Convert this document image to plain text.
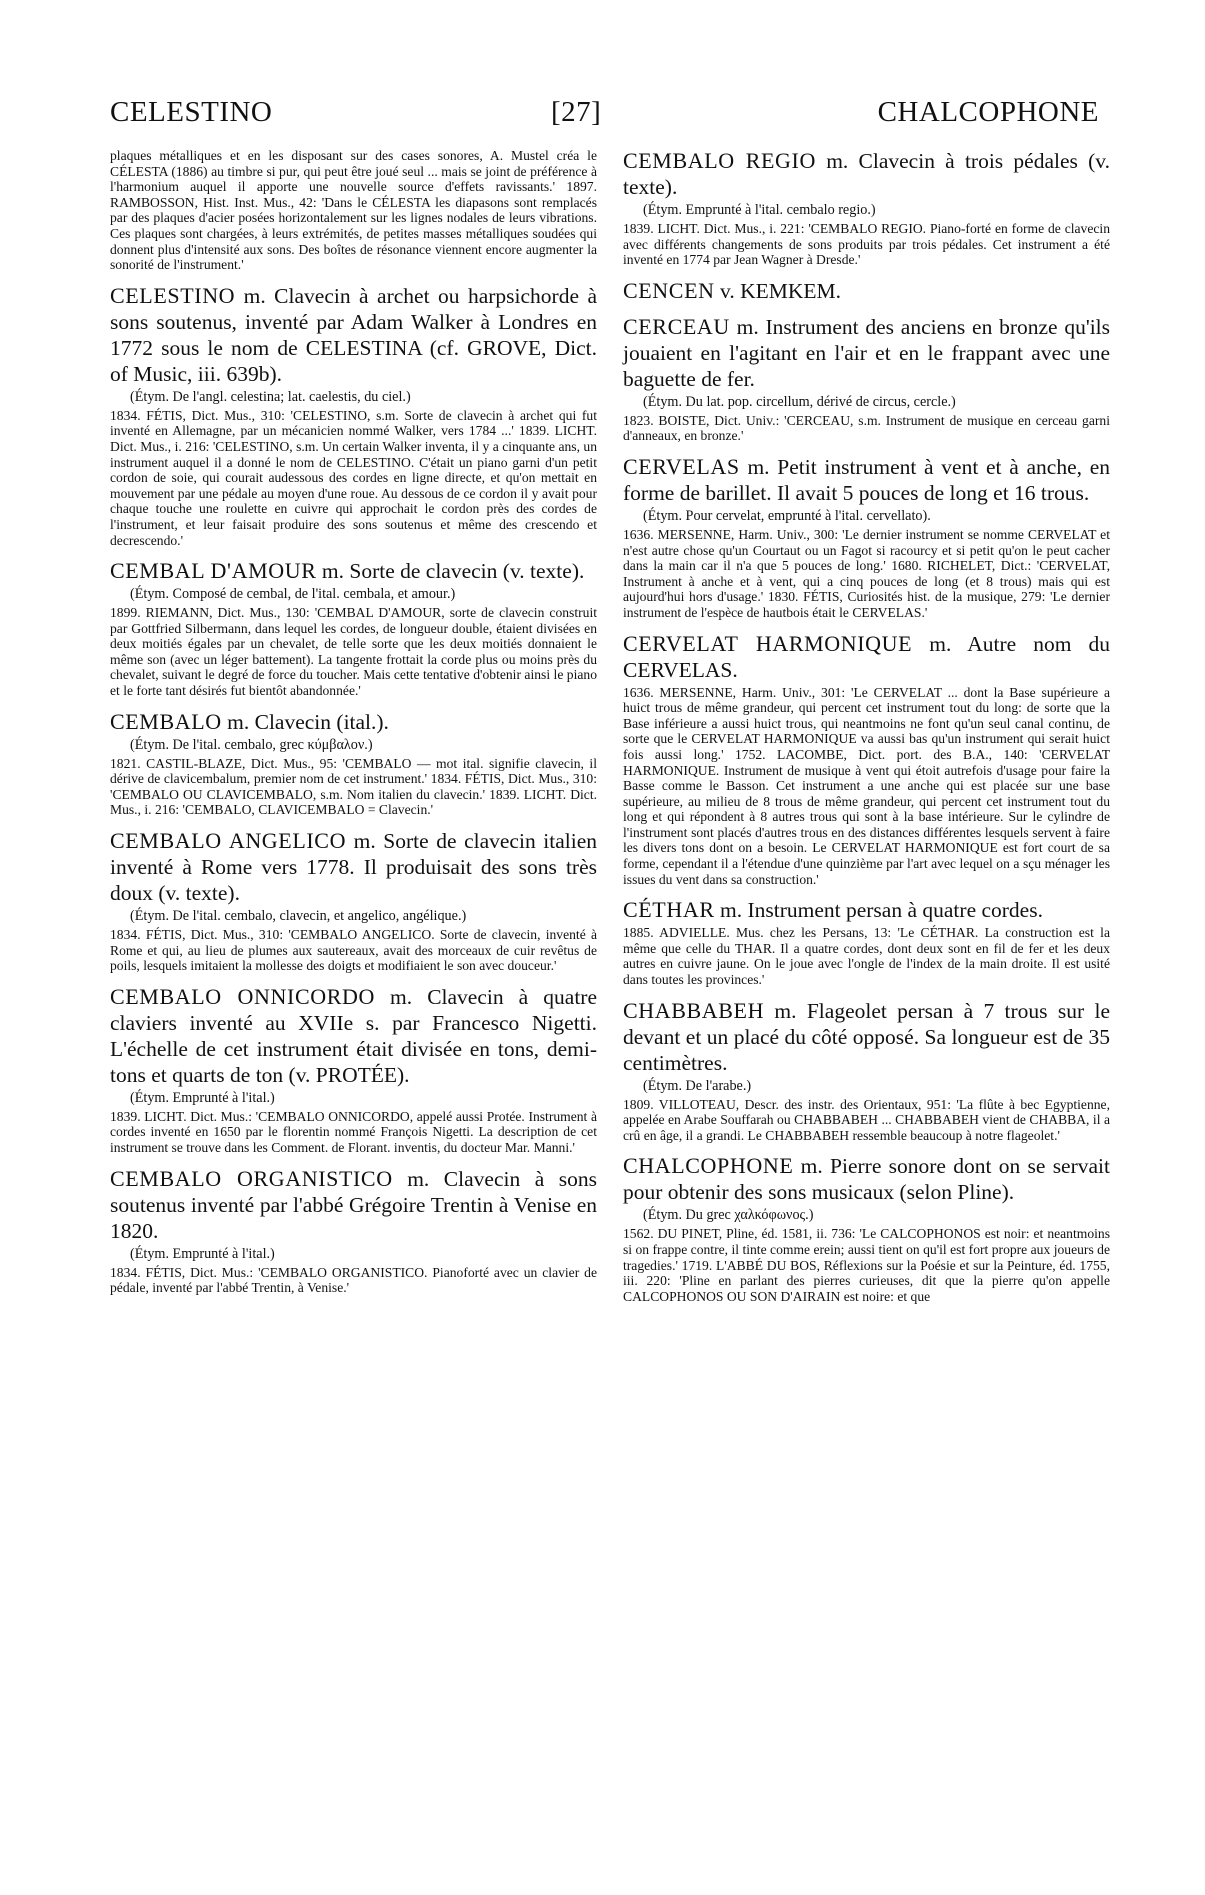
CELESTINO	[27]	CHALCOPHONE

plaques métalliques et en les disposant sur des cases sonores, A. Mustel créa le CÉLESTA (1886) au timbre si pur, qui peut être joué seul ... mais se joint de préférence à l'harmonium auquel il apporte une nouvelle source d'effets ravissants.' 1897. RAMBOSSON, Hist. Inst. Mus., 42: 'Dans le CÉLESTA les diapasons sont remplacés par des plaques d'acier posées horizontalement sur les lignes nodales de leurs vibrations. Ces plaques sont chargées, à leurs extrémités, de petites masses métalliques soudées qui donnent plus d'intensité aux sons. Des boîtes de résonance viennent encore augmenter la sonorité de l'instrument.'

CELESTINO m. Clavecin à archet ou harpsichorde à sons soutenus, inventé par Adam Walker à Londres en 1772 sous le nom de CELESTINA (cf. GROVE, Dict. of Music, iii. 639b).

(Étym. De l'angl. celestina; lat. caelestis, du ciel.)

1834. FÉTIS, Dict. Mus., 310: 'CELESTINO, s.m. Sorte de clavecin à archet qui fut inventé en Allemagne, par un mécanicien nommé Walker, vers 1784 ...' 1839. LICHT. Dict. Mus., i. 216: 'CELESTINO, s.m. Un certain Walker inventa, il y a cinquante ans, un instrument auquel il a donné le nom de CELESTINO. C'était un piano garni d'un petit cordon de soie, qui courait audessous des cordes en ligne directe, et qu'on mettait en mouvement par une pédale au moyen d'une roue. Au dessous de ce cordon il y avait pour chaque touche une roulette en cuivre qui approchait le cordon près des cordes de l'instrument, et leur faisait produire des sons soutenus et même des crescendo et decrescendo.'

CEMBAL D'AMOUR m. Sorte de clavecin (v. texte).

(Étym. Composé de cembal, de l'ital. cembala, et amour.)

1899. RIEMANN, Dict. Mus., 130: 'CEMBAL D'AMOUR, sorte de clavecin construit par Gottfried Silbermann, dans lequel les cordes, de longueur double, étaient divisées en deux moitiés égales par un chevalet, de telle sorte que les deux moitiés donnaient le même son (avec un léger battement). La tangente frottait la corde plus ou moins près du chevalet, suivant le degré de force du toucher. Mais cette tentative d'obtenir ainsi le piano et le forte tant désirés fut bientôt abandonnée.'

CEMBALO m. Clavecin (ital.).

(Étym. De l'ital. cembalo, grec κύμβαλον.)

1821. CASTIL-BLAZE, Dict. Mus., 95: 'CEMBALO — mot ital. signifie clavecin, il dérive de clavicembalum, premier nom de cet instrument.' 1834. FÉTIS, Dict. Mus., 310: 'CEMBALO OU CLAVICEMBALO, s.m. Nom italien du clavecin.' 1839. LICHT. Dict. Mus., i. 216: 'CEMBALO, CLAVICEMBALO = Clavecin.'

CEMBALO ANGELICO m. Sorte de clavecin italien inventé à Rome vers 1778. Il produisait des sons très doux (v. texte).

(Étym. De l'ital. cembalo, clavecin, et angelico, angélique.)

1834. FÉTIS, Dict. Mus., 310: 'CEMBALO ANGELICO. Sorte de clavecin, inventé à Rome et qui, au lieu de plumes aux sautereaux, avait des morceaux de cuir revêtus de poils, lesquels imitaient la mollesse des doigts et modifiaient le son avec douceur.'

CEMBALO ONNICORDO m. Clavecin à quatre claviers inventé au XVIIe s. par Francesco Nigetti. L'échelle de cet instrument était divisée en tons, demi-tons et quarts de ton (v. PROTÉE).

(Étym. Emprunté à l'ital.)

1839. LICHT. Dict. Mus.: 'CEMBALO ONNICORDO, appelé aussi Protée. Instrument à cordes inventé en 1650 par le florentin nommé François Nigetti. La description de cet instrument se trouve dans les Comment. de Florant. inventis, du docteur Mar. Manni.'

CEMBALO ORGANISTICO m. Clavecin à sons soutenus inventé par l'abbé Grégoire Trentin à Venise en 1820.

(Étym. Emprunté à l'ital.)

1834. FÉTIS, Dict. Mus.: 'CEMBALO ORGANISTICO. Pianoforté avec un clavier de pédale, inventé par l'abbé Trentin, à Venise.'

CEMBALO REGIO m. Clavecin à trois pédales (v. texte).

(Étym. Emprunté à l'ital. cembalo regio.)

1839. LICHT. Dict. Mus., i. 221: 'CEMBALO REGIO. Piano-forté en forme de clavecin avec différents changements de sons produits par trois pédales. Cet instrument a été inventé en 1774 par Jean Wagner à Dresde.'

CENCEN v. KEMKEM.

CERCEAU m. Instrument des anciens en bronze qu'ils jouaient en l'agitant en l'air et en le frappant avec une baguette de fer.

(Étym. Du lat. pop. circellum, dérivé de circus, cercle.)

1823. BOISTE, Dict. Univ.: 'CERCEAU, s.m. Instrument de musique en cerceau garni d'anneaux, en bronze.'

CERVELAS m. Petit instrument à vent et à anche, en forme de barillet. Il avait 5 pouces de long et 16 trous.

(Étym. Pour cervelat, emprunté à l'ital. cervellato).

1636. MERSENNE, Harm. Univ., 300: 'Le dernier instrument se nomme CERVELAT et n'est autre chose qu'un Courtaut ou un Fagot si racourcy et si petit qu'on le peut cacher dans la main car il n'a que 5 pouces de long.' 1680. RICHELET, Dict.: 'CERVELAT, Instrument à anche et à vent, qui a cinq pouces de long (et 8 trous) mais qui est aujourd'hui hors d'usage.' 1830. FÉTIS, Curiosités hist. de la musique, 279: 'Le dernier instrument de l'espèce de hautbois était le CERVELAS.'

CERVELAT HARMONIQUE m. Autre nom du CERVELAS.

1636. MERSENNE, Harm. Univ., 301: 'Le CERVELAT ... dont la Base supérieure a huict trous de même grandeur, qui percent cet instrument tout du long: de sorte que la Base inférieure a aussi huict trous, qui neantmoins ne font qu'un seul canal continu, de sorte que le CERVELAT HARMONIQUE va aussi bas qu'un instrument qui serait huict fois aussi long.' 1752. LACOMBE, Dict. port. des B.A., 140: 'CERVELAT HARMONIQUE. Instrument de musique à vent qui étoit autrefois d'usage pour faire la Basse comme le Basson. Cet instrument a une anche qui est placée sur une base supérieure, au milieu de 8 trous de même grandeur, qui percent cet instrument tout du long et qui répondent à 8 autres trous qui sont à la base intérieure. Sur le cylindre de l'instrument sont placés d'autres trous en des distances différentes lesquels servent à faire les divers tons dont on a besoin. Le CERVELAT HARMONIQUE est fort court de sa forme, cependant il a l'étendue d'une quinzième par l'art avec lequel on a sçu ménager les issues du vent dans sa construction.'

CÉTHAR m. Instrument persan à quatre cordes.

1885. ADVIELLE. Mus. chez les Persans, 13: 'Le CÉTHAR. La construction est la même que celle du THAR. Il a quatre cordes, dont deux sont en fil de fer et les deux autres en cuivre jaune. On le joue avec l'ongle de l'index de la main droite. Il est usité dans toutes les provinces.'

CHABBABEH m. Flageolet persan à 7 trous sur le devant et un placé du côté opposé. Sa longueur est de 35 centimètres.

(Étym. De l'arabe.)

1809. VILLOTEAU, Descr. des instr. des Orientaux, 951: 'La flûte à bec Egyptienne, appelée en Arabe Souffarah ou CHABBABEH ... CHABBABEH vient de CHABBA, il a crû en âge, il a grandi. Le CHABBABEH ressemble beaucoup à notre flageolet.'

CHALCOPHONE m. Pierre sonore dont on se servait pour obtenir des sons musicaux (selon Pline).

(Étym. Du grec χαλκόφωνος.)

1562. DU PINET, Pline, éd. 1581, ii. 736: 'Le CALCOPHONOS est noir: et neantmoins si on frappe contre, il tinte comme erein; aussi tient on qu'il est fort propre aux joueurs de tragedies.' 1719. L'ABBÉ DU BOS, Réflexions sur la Poésie et sur la Peinture, éd. 1755, iii. 220: 'Pline en parlant des pierres curieuses, dit que la pierre qu'on appelle CALCOPHONOS OU SON D'AIRAIN est noire: et que
